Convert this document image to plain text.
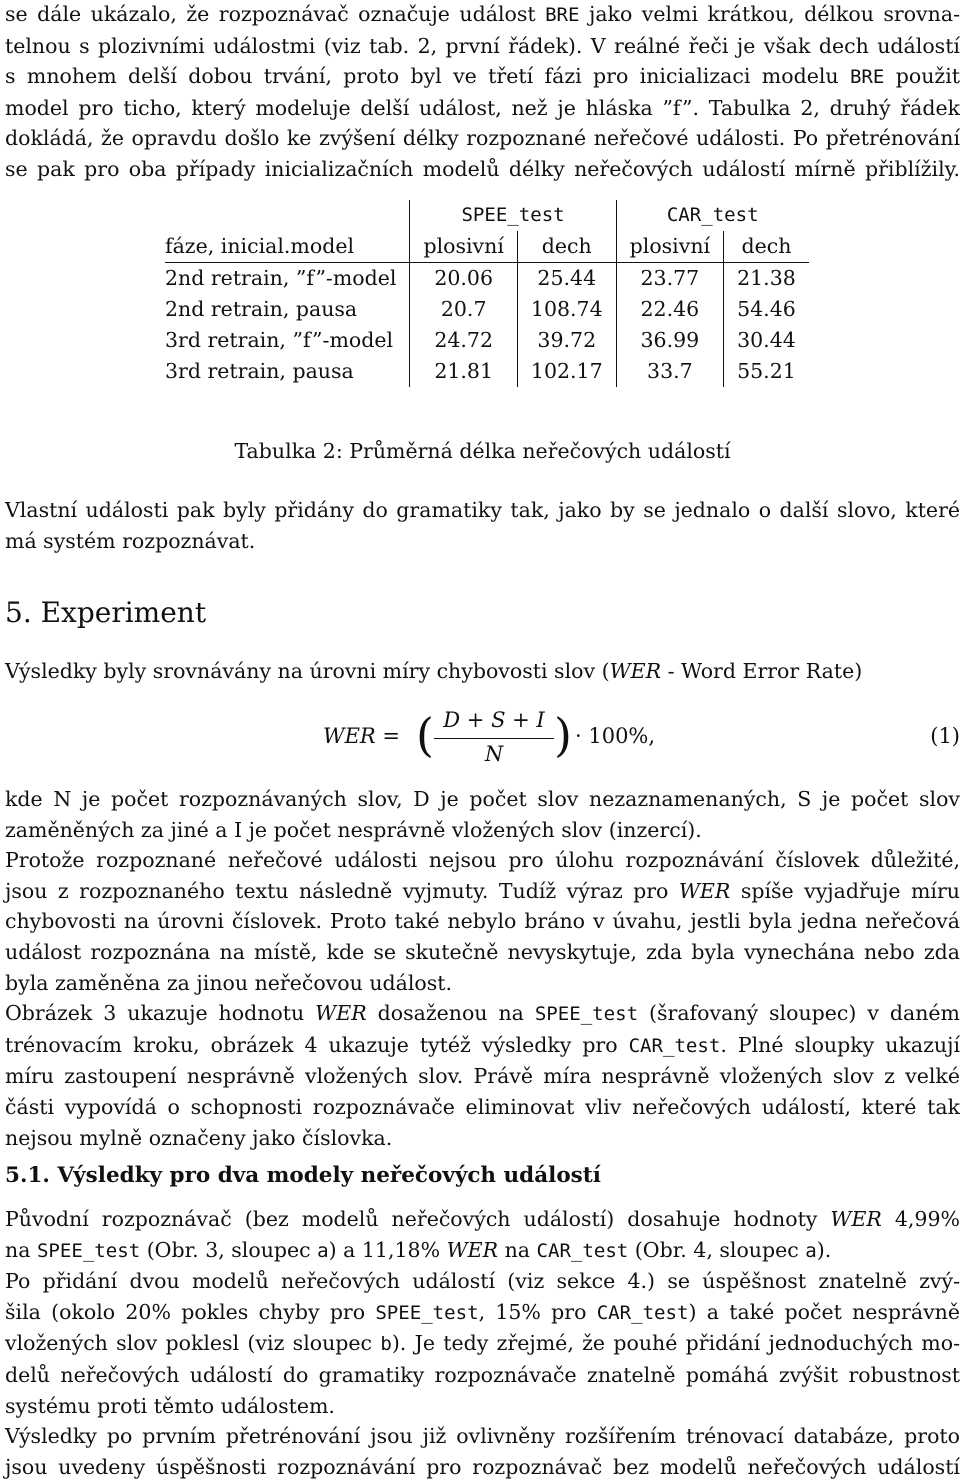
se dále ukázalo, že rozpoznávač označuje událost BRE jako velmi krátkou, délkou srovna-
telnou s plozivními událostmi (viz tab. 2, první řádek). V reálné řeči je však dech událostí
s mnohem delší dobou trvání, proto byl ve třetí fázi pro inicializaci modelu BRE použit
model pro ticho, který modeluje delší událost, než je hláska ”f”. Tabulka 2, druhý řádek
dokládá, že opravdu došlo ke zvýšení délky rozpoznané neřečové události. Po přetrénování
se pak pro oba případy inicializačních modelů délky neřečových událostí mírně přiblížily.
	SPEE_test		CAR_test	
fáze, inicial.model	plosivní	dech	plosivní	dech
2nd retrain, ”f”-model	20.06	25.44	23.77	21.38
2nd retrain, pausa	20.7	108.74	22.46	54.46
3rd retrain, ”f”-model	24.72	39.72	36.99	30.44
3rd retrain, pausa	21.81	102.17	33.7	55.21
Tabulka 2: Průměrná délka neřečových událostí
Vlastní události pak byly přidány do gramatiky tak, jako by se jednalo o další slovo, které
má systém rozpoznávat.
5. Experiment
Výsledky byly srovnávány na úrovni míry chybovosti slov (WER - Word Error Rate)
WER = ( D + S + I
N	) · 100%,	(1)
kde N je počet rozpoznávaných slov, D je počet slov nezaznamenaných, S je počet slov
zaměněných za jiné a I je počet nesprávně vložených slov (inzercí).
Protože rozpoznané neřečové události nejsou pro úlohu rozpoznávání číslovek důležité,
jsou z rozpoznaného textu následně vyjmuty. Tudíž výraz pro WER spíše vyjadřuje míru
chybovosti na úrovni číslovek. Proto také nebylo bráno v úvahu, jestli byla jedna neřečová
událost rozpoznána na místě, kde se skutečně nevyskytuje, zda byla vynechána nebo zda
byla zaměněna za jinou neřečovou událost.
Obrázek 3 ukazuje hodnotu WER dosaženou na SPEE_test (šrafovaný sloupec) v daném
trénovacím kroku, obrázek 4 ukazuje tytéž výsledky pro CAR_test. Plné sloupky ukazují
míru zastoupení nesprávně vložených slov. Právě míra nesprávně vložených slov z velké
části vypovídá o schopnosti rozpoznávače eliminovat vliv neřečových událostí, které tak
nejsou mylně označeny jako číslovka.
5.1. Výsledky pro dva modely neřečových událostí
Původní rozpoznávač (bez modelů neřečových událostí) dosahuje hodnoty WER 4,99%
na SPEE_test (Obr. 3, sloupec a) a 11,18% WER na CAR_test (Obr. 4, sloupec a).
Po přidání dvou modelů neřečových událostí (viz sekce 4.) se úspěšnost znatelně zvý-
šila (okolo 20% pokles chyby pro SPEE_test, 15% pro CAR_test) a také počet nesprávně
vložených slov poklesl (viz sloupec b). Je tedy zřejmé, že pouhé přidání jednoduchých mo-
delů neřečových událostí do gramatiky rozpoznávače znatelně pomáhá zvýšit robustnost
systému proti těmto událostem.
Výsledky po prvním přetrénování jsou již ovlivněny rozšířením trénovací databáze, proto
jsou uvedeny úspěšnosti rozpoznávání pro rozpoznávač bez modelů neřečových událostí
